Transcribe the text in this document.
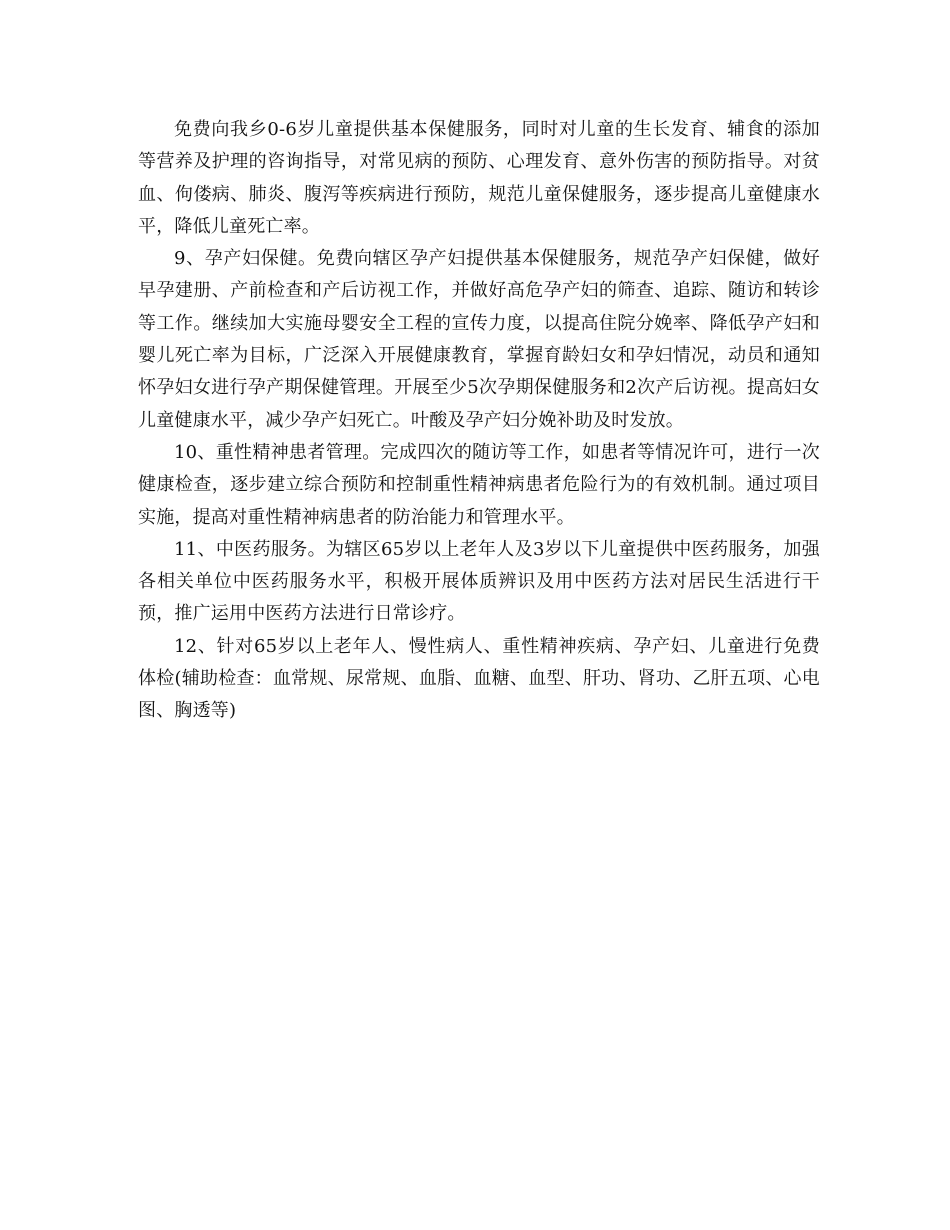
免费向我乡0-6岁儿童提供基本保健服务，同时对儿童的生长发育、辅食的添加等营养及护理的咨询指导，对常见病的预防、心理发育、意外伤害的预防指导。对贫血、佝偻病、肺炎、腹泻等疾病进行预防，规范儿童保健服务，逐步提高儿童健康水平，降低儿童死亡率。

9、孕产妇保健。免费向辖区孕产妇提供基本保健服务，规范孕产妇保健，做好早孕建册、产前检查和产后访视工作，并做好高危孕产妇的筛查、追踪、随访和转诊等工作。继续加大实施母婴安全工程的宣传力度，以提高住院分娩率、降低孕产妇和婴儿死亡率为目标，广泛深入开展健康教育，掌握育龄妇女和孕妇情况，动员和通知怀孕妇女进行孕产期保健管理。开展至少5次孕期保健服务和2次产后访视。提高妇女儿童健康水平，减少孕产妇死亡。叶酸及孕产妇分娩补助及时发放。

10、重性精神患者管理。完成四次的随访等工作，如患者等情况许可，进行一次健康检查，逐步建立综合预防和控制重性精神病患者危险行为的有效机制。通过项目实施，提高对重性精神病患者的防治能力和管理水平。

11、中医药服务。为辖区65岁以上老年人及3岁以下儿童提供中医药服务，加强各相关单位中医药服务水平，积极开展体质辨识及用中医药方法对居民生活进行干预，推广运用中医药方法进行日常诊疗。

12、针对65岁以上老年人、慢性病人、重性精神疾病、孕产妇、儿童进行免费体检(辅助检查：血常规、尿常规、血脂、血糖、血型、肝功、肾功、乙肝五项、心电图、胸透等)
